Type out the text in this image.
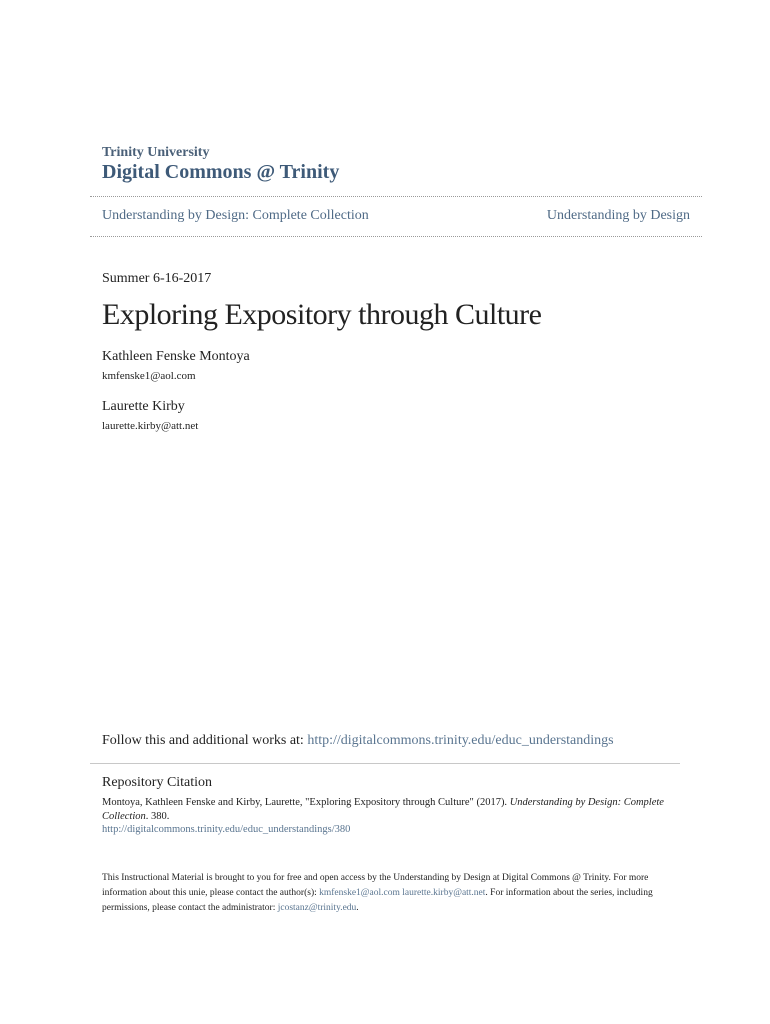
Trinity University
Digital Commons @ Trinity
Understanding by Design: Complete Collection	Understanding by Design
Summer 6-16-2017
Exploring Expository through Culture
Kathleen Fenske Montoya
kmfenske1@aol.com
Laurette Kirby
laurette.kirby@att.net
Follow this and additional works at: http://digitalcommons.trinity.edu/educ_understandings
Repository Citation
Montoya, Kathleen Fenske and Kirby, Laurette, "Exploring Expository through Culture" (2017). Understanding by Design: Complete Collection. 380.
http://digitalcommons.trinity.edu/educ_understandings/380
This Instructional Material is brought to you for free and open access by the Understanding by Design at Digital Commons @ Trinity. For more information about this unie, please contact the author(s): kmfenske1@aol.com laurette.kirby@att.net. For information about the series, including permissions, please contact the administrator: jcostanz@trinity.edu.
